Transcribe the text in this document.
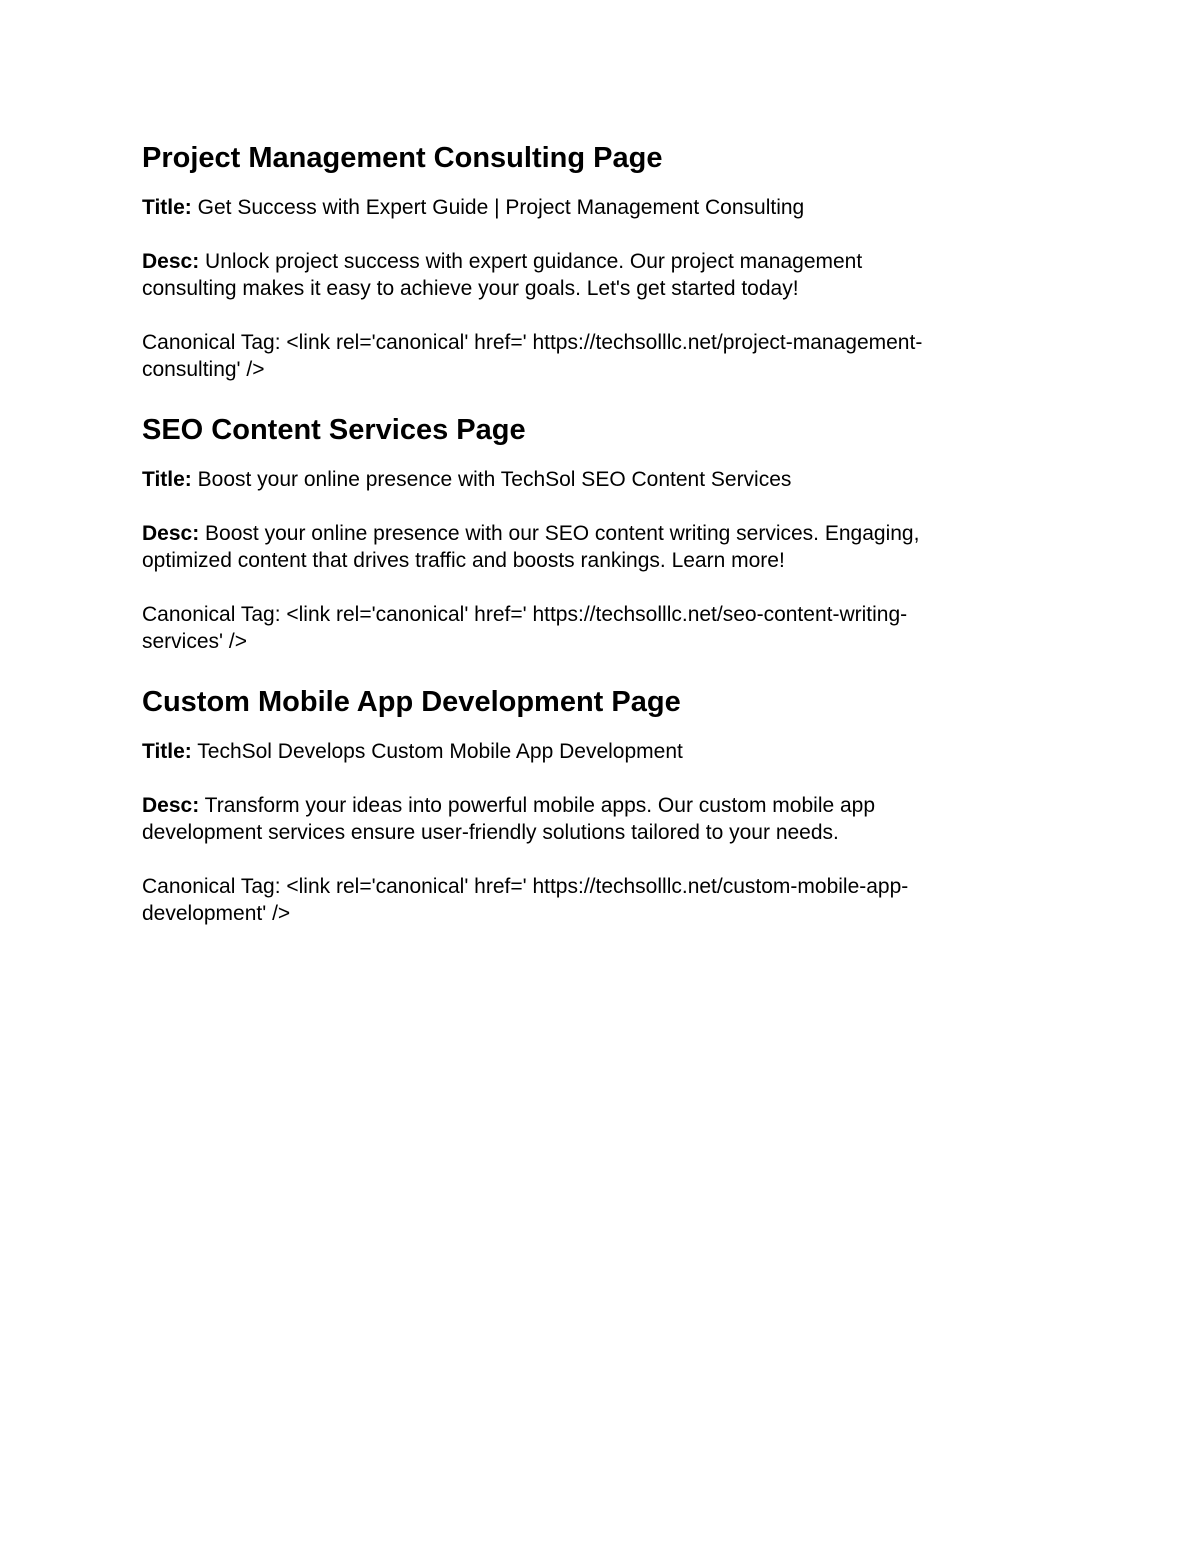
Project Management Consulting Page
Title: Get Success with Expert Guide | Project Management Consulting
Desc: Unlock project success with expert guidance. Our project management
consulting makes it easy to achieve your goals. Let's get started today!
Canonical Tag: <link rel='canonical' href=' https://techsolllc.net/project-management-
consulting' />
SEO Content Services Page
Title: Boost your online presence with TechSol SEO Content Services
Desc: Boost your online presence with our SEO content writing services. Engaging,
optimized content that drives traffic and boosts rankings. Learn more!
Canonical Tag: <link rel='canonical' href=' https://techsolllc.net/seo-content-writing-
services' />
Custom Mobile App Development Page
Title: TechSol Develops Custom Mobile App Development
Desc: Transform your ideas into powerful mobile apps. Our custom mobile app
development services ensure user-friendly solutions tailored to your needs.
Canonical Tag: <link rel='canonical' href=' https://techsolllc.net/custom-mobile-app-
development' />
